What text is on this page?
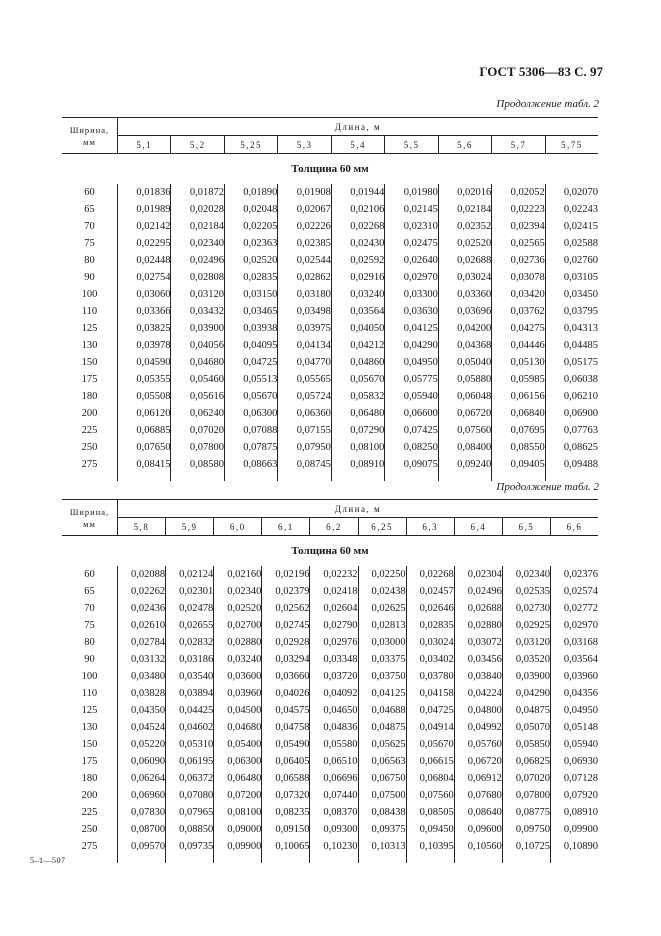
ГОСТ 5306—83 С. 97
Продолжение табл. 2
Ширина,
мм	Длина, м								
	5,1	5,2	5,25	5,3	5,4	5,5	5,6	5,7	5,75
Толщина 60 мм									
60	0,01836	0,01872	0,01890	0,01908	0,01944	0,01980	0,02016	0,02052	0,02070
65	0,01989	0,02028	0,02048	0,02067	0,02106	0,02145	0,02184	0,02223	0,02243
70	0,02142	0,02184	0,02205	0,02226	0,02268	0,02310	0,02352	0,02394	0,02415
75	0,02295	0,02340	0,02363	0,02385	0,02430	0,02475	0,02520	0,02565	0,02588
80	0,02448	0,02496	0,02520	0,02544	0,02592	0,02640	0,02688	0,02736	0,02760
90	0,02754	0,02808	0,02835	0,02862	0,02916	0,02970	0,03024	0,03078	0,03105
100	0,03060	0,03120	0,03150	0,03180	0,03240	0,03300	0,03360	0,03420	0,03450
110	0,03366	0,03432	0,03465	0,03498	0,03564	0,03630	0,03696	0,03762	0,03795
125	0,03825	0,03900	0,03938	0,03975	0,04050	0,04125	0,04200	0,04275	0,04313
130	0,03978	0,04056	0,04095	0,04134	0,04212	0,04290	0,04368	0,04446	0,04485
150	0,04590	0,04680	0,04725	0,04770	0,04860	0,04950	0,05040	0,05130	0,05175
175	0,05355	0,05460	0,05513	0,05565	0,05670	0,05775	0,05880	0,05985	0,06038
180	0,05508	0,05616	0,05670	0,05724	0,05832	0,05940	0,06048	0,06156	0,06210
200	0,06120	0,06240	0,06300	0,06360	0,06480	0,06600	0,06720	0,06840	0,06900
225	0,06885	0,07020	0,07088	0,07155	0,07290	0,07425	0,07560	0,07695	0,07763
250	0,07650	0,07800	0,07875	0,07950	0,08100	0,08250	0,08400	0,08550	0,08625
275	0,08415	0,08580	0,08663	0,08745	0,08910	0,09075	0,09240	0,09405	0,09488

Продолжение табл. 2
Ширина,
мм	Длина, м									
	5,8	5,9	6,0	6,1	6,2	6,25	6,3	6,4	6,5	6,6
Толщина 60 мм										
60	0,02088	0,02124	0,02160	0,02196	0,02232	0,02250	0,02268	0,02304	0,02340	0,02376
65	0,02262	0,02301	0,02340	0,02379	0,02418	0,02438	0,02457	0,02496	0,02535	0,02574
70	0,02436	0,02478	0,02520	0,02562	0,02604	0,02625	0,02646	0,02688	0,02730	0,02772
75	0,02610	0,02655	0,02700	0,02745	0,02790	0,02813	0,02835	0,02880	0,02925	0,02970
80	0,02784	0,02832	0,02880	0,02928	0,02976	0,03000	0,03024	0,03072	0,03120	0,03168
90	0,03132	0,03186	0,03240	0,03294	0,03348	0,03375	0,03402	0,03456	0,03520	0,03564
100	0,03480	0,03540	0,03600	0,03660	0,03720	0,03750	0,03780	0,03840	0,03900	0,03960
110	0,03828	0,03894	0,03960	0,04026	0,04092	0,04125	0,04158	0,04224	0,04290	0,04356
125	0,04350	0,04425	0,04500	0,04575	0,04650	0,04688	0,04725	0,04800	0,04875	0,04950
130	0,04524	0,04602	0,04680	0,04758	0,04836	0,04875	0,04914	0,04992	0,05070	0,05148
150	0,05220	0,05310	0,05400	0,05490	0,05580	0,05625	0,05670	0,05760	0,05850	0,05940
175	0,06090	0,06195	0,06300	0,06405	0,06510	0,06563	0,06615	0,06720	0,06825	0,06930
180	0,06264	0,06372	0,06480	0,06588	0,06696	0,06750	0,06804	0,06912	0,07020	0,07128
200	0,06960	0,07080	0,07200	0,07320	0,07440	0,07500	0,07560	0,07680	0,07800	0,07920
225	0,07830	0,07965	0,08100	0,08235	0,08370	0,08438	0,08505	0,08640	0,08775	0,08910
250	0,08700	0,08850	0,09000	0,09150	0,09300	0,09375	0,09450	0,09600	0,09750	0,09900
275	0,09570	0,09735	0,09900	0,10065	0,10230	0,10313	0,10395	0,10560	0,10725	0,10890

5–1—507
